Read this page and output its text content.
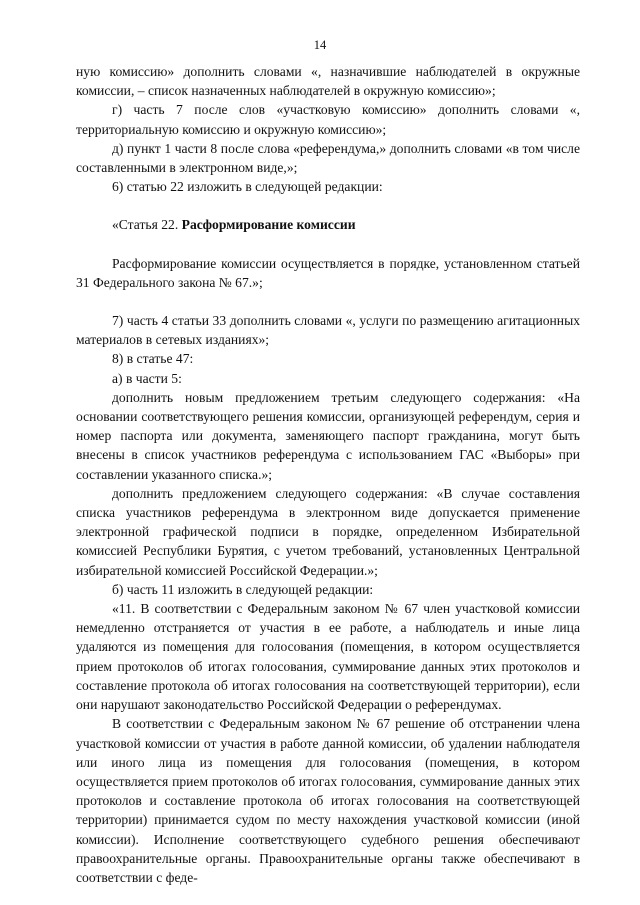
14

ную комиссию» дополнить словами «, назначившие наблюдателей в окружные комиссии, – список назначенных наблюдателей в окружную комиссию»;

г) часть 7 после слов «участковую комиссию» дополнить словами «, территориальную комиссию и окружную комиссию»;

д) пункт 1 части 8 после слова «референдума,» дополнить словами «в том числе составленными в электронном виде,»;

6) статью 22 изложить в следующей редакции:

«Статья 22. Расформирование комиссии

Расформирование комиссии осуществляется в порядке, установленном статьей 31 Федерального закона № 67.»;

7) часть 4 статьи 33 дополнить словами «, услуги по размещению агитационных материалов в сетевых изданиях»;

8) в статье 47:

а) в части 5:

дополнить новым предложением третьим следующего содержания: «На основании соответствующего решения комиссии, организующей референдум, серия и номер паспорта или документа, заменяющего паспорт гражданина, могут быть внесены в список участников референдума с использованием ГАС «Выборы» при составлении указанного списка.»;

дополнить предложением следующего содержания: «В случае составления списка участников референдума в электронном виде допускается применение электронной графической подписи в порядке, определенном Избирательной комиссией Республики Бурятия, с учетом требований, установленных Центральной избирательной комиссией Российской Федерации.»;

б) часть 11 изложить в следующей редакции:

«11. В соответствии с Федеральным законом № 67 член участковой комиссии немедленно отстраняется от участия в ее работе, а наблюдатель и иные лица удаляются из помещения для голосования (помещения, в котором осуществляется прием протоколов об итогах голосования, суммирование данных этих протоколов и составление протокола об итогах голосования на соответствующей территории), если они нарушают законодательство Российской Федерации о референдумах.

В соответствии с Федеральным законом № 67 решение об отстранении члена участковой комиссии от участия в работе данной комиссии, об удалении наблюдателя или иного лица из помещения для голосования (помещения, в котором осуществляется прием протоколов об итогах голосования, суммирование данных этих протоколов и составление протокола об итогах голосования на соответствующей территории) принимается судом по месту нахождения участковой комиссии (иной комиссии). Исполнение соответствующего судебного решения обеспечивают правоохранительные органы. Правоохранительные органы также обеспечивают в соответствии с феде-
